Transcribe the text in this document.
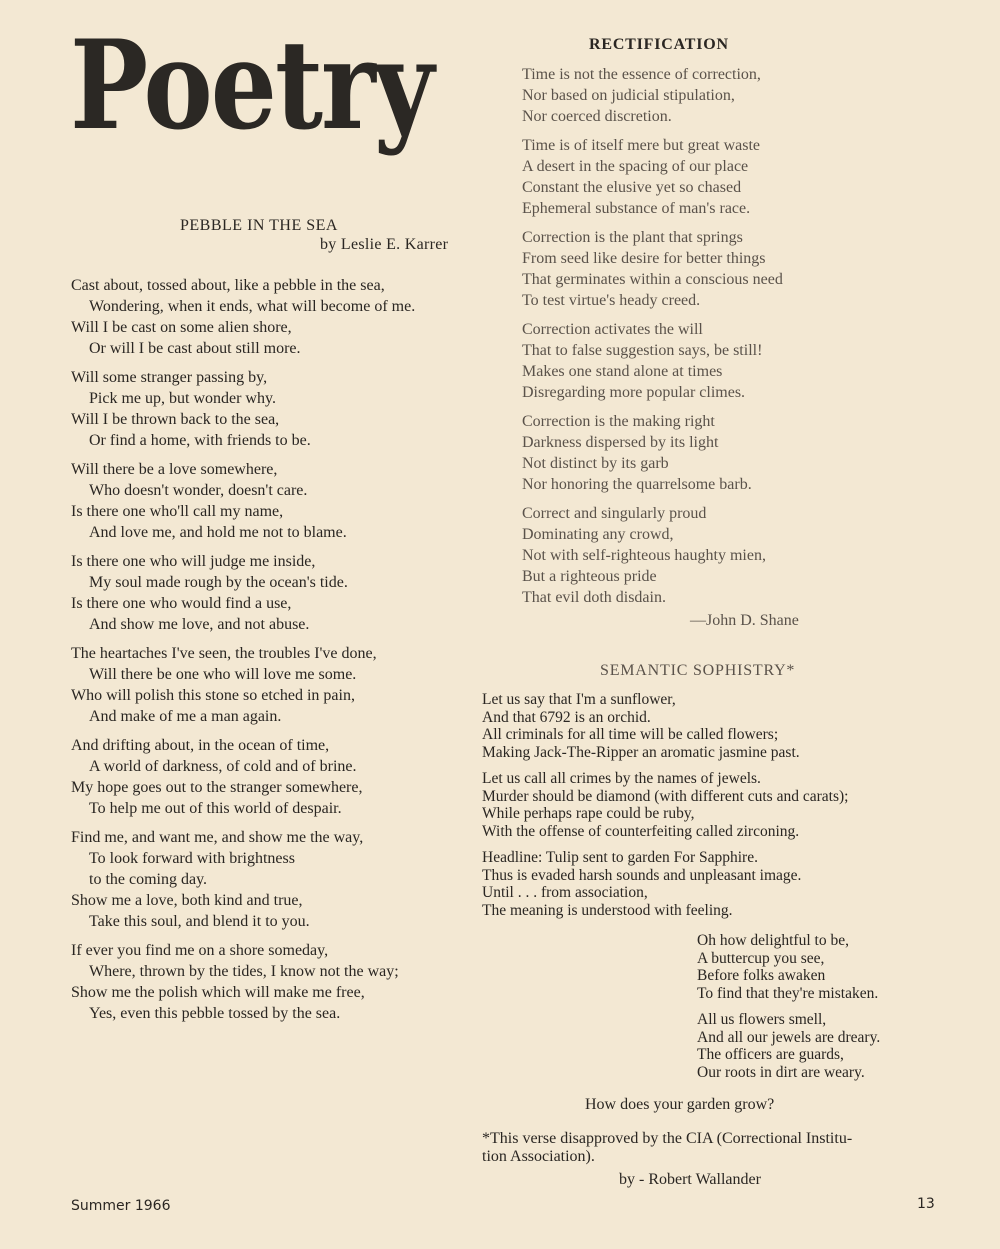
Poetry
PEBBLE IN THE SEA
by Leslie E. Karrer
Cast about, tossed about, like a pebble in the sea,
Wondering, when it ends, what will become of me.
Will I be cast on some alien shore,
Or will I be cast about still more.
Will some stranger passing by,
Pick me up, but wonder why.
Will I be thrown back to the sea,
Or find a home, with friends to be.
Will there be a love somewhere,
Who doesn't wonder, doesn't care.
Is there one who'll call my name,
And love me, and hold me not to blame.
Is there one who will judge me inside,
My soul made rough by the ocean's tide.
Is there one who would find a use,
And show me love, and not abuse.
The heartaches I've seen, the troubles I've done,
Will there be one who will love me some.
Who will polish this stone so etched in pain,
And make of me a man again.
And drifting about, in the ocean of time,
A world of darkness, of cold and of brine.
My hope goes out to the stranger somewhere,
To help me out of this world of despair.
Find me, and want me, and show me the way,
To look forward with brightness
to the coming day.
Show me a love, both kind and true,
Take this soul, and blend it to you.
If ever you find me on a shore someday,
Where, thrown by the tides, I know not the way;
Show me the polish which will make me free,
Yes, even this pebble tossed by the sea.
RECTIFICATION
Time is not the essence of correction,
Nor based on judicial stipulation,
Nor coerced discretion.
Time is of itself mere but great waste
A desert in the spacing of our place
Constant the elusive yet so chased
Ephemeral substance of man's race.
Correction is the plant that springs
From seed like desire for better things
That germinates within a conscious need
To test virtue's heady creed.
Correction activates the will
That to false suggestion says, be still!
Makes one stand alone at times
Disregarding more popular climes.
Correction is the making right
Darkness dispersed by its light
Not distinct by its garb
Nor honoring the quarrelsome barb.
Correct and singularly proud
Dominating any crowd,
Not with self-righteous haughty mien,
But a righteous pride
That evil doth disdain.
—John D. Shane
SEMANTIC SOPHISTRY*
Let us say that I'm a sunflower,
And that 6792 is an orchid.
All criminals for all time will be called flowers;
Making Jack-The-Ripper an aromatic jasmine past.
Let us call all crimes by the names of jewels.
Murder should be diamond (with different cuts and carats);
While perhaps rape could be ruby,
With the offense of counterfeiting called zirconing.
Headline: Tulip sent to garden For Sapphire.
Thus is evaded harsh sounds and unpleasant image.
Until . . . from association,
The meaning is understood with feeling.
Oh how delightful to be,
A buttercup you see,
Before folks awaken
To find that they're mistaken.
All us flowers smell,
And all our jewels are dreary.
The officers are guards,
Our roots in dirt are weary.
How does your garden grow?
*This verse disapproved by the CIA (Correctional Institu-
tion Association).
by - Robert Wallander
Summer 1966	13
